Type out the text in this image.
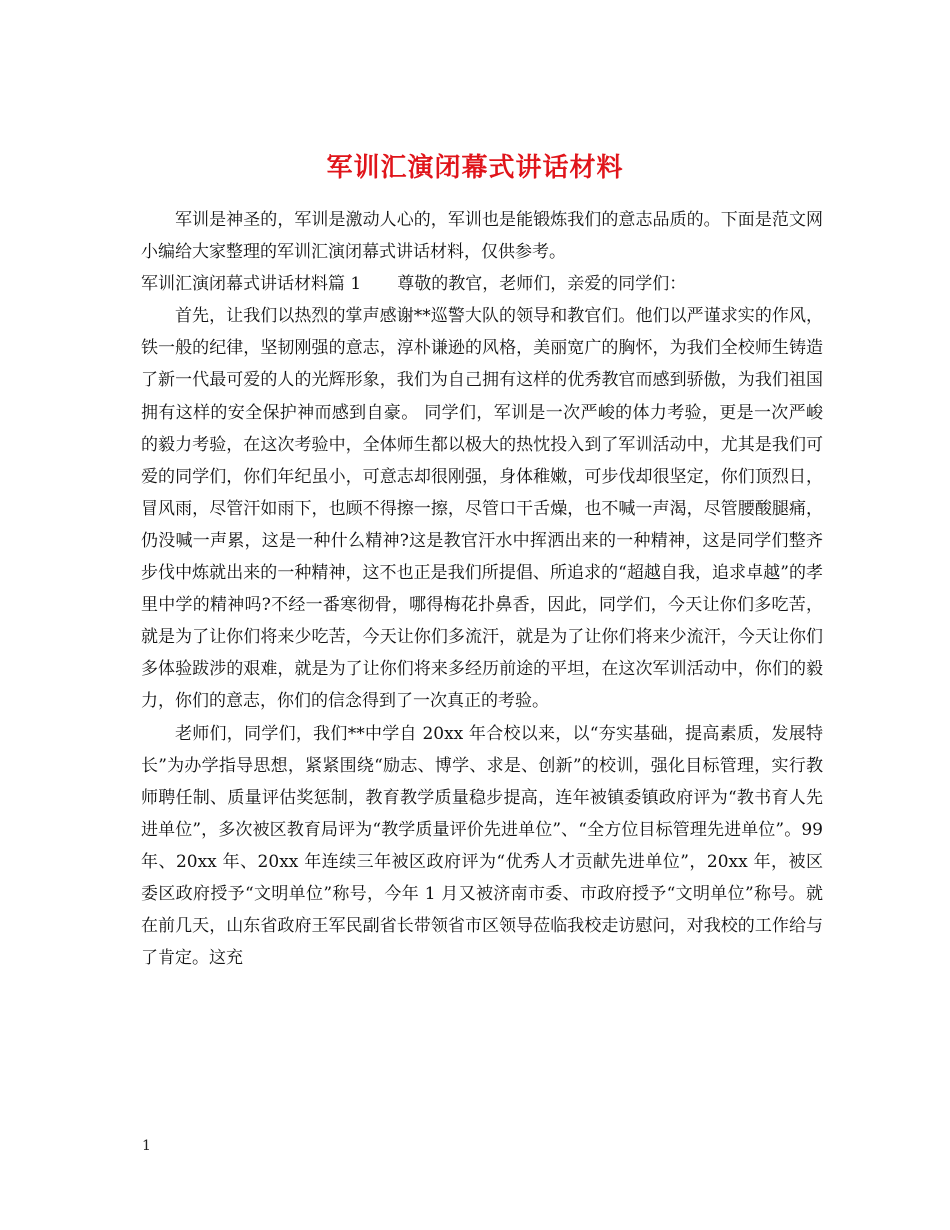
军训汇演闭幕式讲话材料

军训是神圣的，军训是激动人心的，军训也是能锻炼我们的意志品质的。下面是范文网小编给大家整理的军训汇演闭幕式讲话材料，仅供参考。

军训汇演闭幕式讲话材料篇 1 尊敬的教官，老师们，亲爱的同学们：

首先，让我们以热烈的掌声感谢**巡警大队的领导和教官们。他们以严谨求实的作风，铁一般的纪律，坚韧刚强的意志，淳朴谦逊的风格，美丽宽广的胸怀，为我们全校师生铸造了新一代最可爱的人的光辉形象，我们为自己拥有这样的优秀教官而感到骄傲，为我们祖国拥有这样的安全保护神而感到自豪。 同学们，军训是一次严峻的体力考验，更是一次严峻的毅力考验，在这次考验中，全体师生都以极大的热忱投入到了军训活动中，尤其是我们可爱的同学们，你们年纪虽小，可意志却很刚强，身体稚嫩，可步伐却很坚定，你们顶烈日，冒风雨，尽管汗如雨下，也顾不得擦一擦，尽管口干舌燥，也不喊一声渴，尽管腰酸腿痛，仍没喊一声累，这是一种什么精神?这是教官汗水中挥洒出来的一种精神，这是同学们整齐步伐中炼就出来的一种精神，这不也正是我们所提倡、所追求的“超越自我，追求卓越”的孝里中学的精神吗?不经一番寒彻骨，哪得梅花扑鼻香，因此，同学们，今天让你们多吃苦，就是为了让你们将来少吃苦，今天让你们多流汗，就是为了让你们将来少流汗，今天让你们多体验跋涉的艰难，就是为了让你们将来多经历前途的平坦，在这次军训活动中，你们的毅力，你们的意志，你们的信念得到了一次真正的考验。

老师们，同学们，我们**中学自 20xx 年合校以来，以“夯实基础，提高素质，发展特长”为办学指导思想，紧紧围绕“励志、博学、求是、创新”的校训，强化目标管理，实行教师聘任制、质量评估奖惩制，教育教学质量稳步提高，连年被镇委镇政府评为“教书育人先进单位”，多次被区教育局评为“教学质量评价先进单位”、“全方位目标管理先进单位”。99 年、20xx 年、20xx 年连续三年被区政府评为“优秀人才贡献先进单位”，20xx 年，被区委区政府授予“文明单位”称号，今年 1 月又被济南市委、市政府授予“文明单位”称号。就在前几天，山东省政府王军民副省长带领省市区领导莅临我校走访慰问，对我校的工作给与了肯定。这充

1
